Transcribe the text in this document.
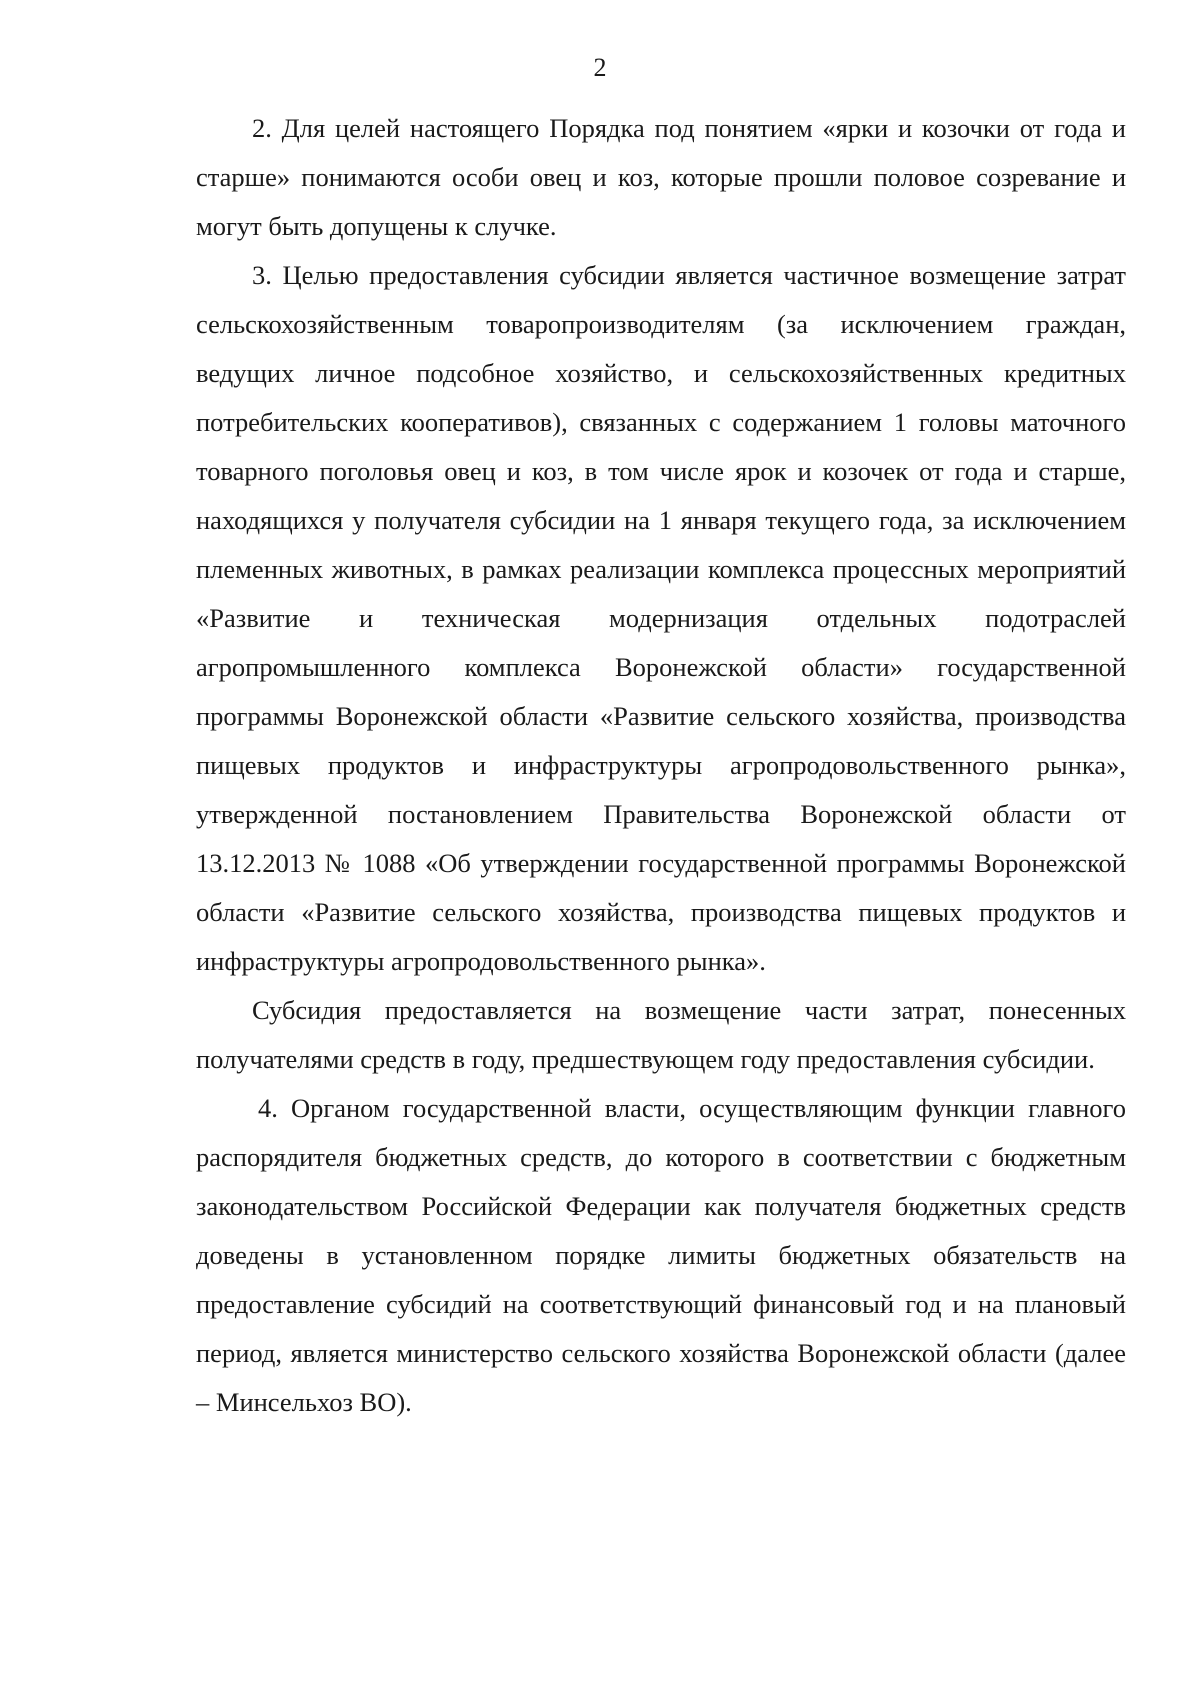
2

2. Для целей настоящего Порядка под понятием «ярки и козочки от года и старше» понимаются особи овец и коз, которые прошли половое созревание и могут быть допущены к случке.

3. Целью предоставления субсидии является частичное возмещение затрат сельскохозяйственным товаропроизводителям (за исключением граждан, ведущих личное подсобное хозяйство, и сельскохозяйственных кредитных потребительских кооперативов), связанных с содержанием 1 головы маточного товарного поголовья овец и коз, в том числе ярок и козочек от года и старше, находящихся у получателя субсидии на 1 января текущего года, за исключением племенных животных, в рамках реализации комплекса процессных мероприятий «Развитие и техническая модернизация отдельных подотраслей агропромышленного комплекса Воронежской области» государственной программы Воронежской области «Развитие сельского хозяйства, производства пищевых продуктов и инфраструктуры агропродовольственного рынка», утвержденной постановлением Правительства Воронежской области от 13.12.2013 № 1088 «Об утверждении государственной программы Воронежской области «Развитие сельского хозяйства, производства пищевых продуктов и инфраструктуры агропродовольственного рынка».

Субсидия предоставляется на возмещение части затрат, понесенных получателями средств в году, предшествующем году предоставления субсидии.

4. Органом государственной власти, осуществляющим функции главного распорядителя бюджетных средств, до которого в соответствии с бюджетным законодательством Российской Федерации как получателя бюджетных средств доведены в установленном порядке лимиты бюджетных обязательств на предоставление субсидий на соответствующий финансовый год и на плановый период, является министерство сельского хозяйства Воронежской области (далее – Минсельхоз ВО).
